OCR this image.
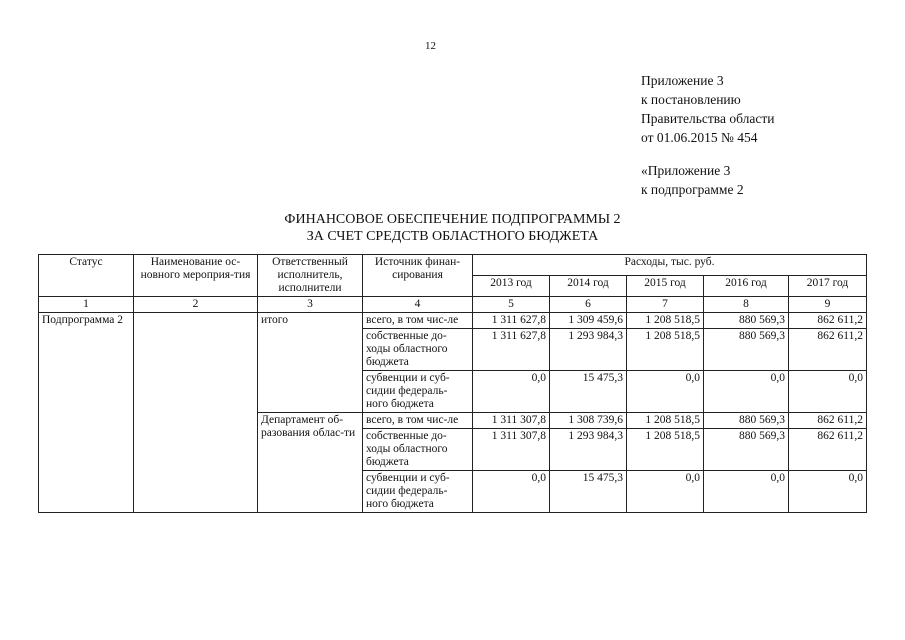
12
Приложение 3
к постановлению
Правительства области
от 01.06.2015 № 454
«Приложение 3
к подпрограмме 2
ФИНАНСОВОЕ ОБЕСПЕЧЕНИЕ ПОДПРОГРАММЫ 2
ЗА СЧЕТ СРЕДСТВ ОБЛАСТНОГО БЮДЖЕТА
Статус	Наименование ос-новного мероприя-тия	Ответственный исполнитель, исполнители	Источник финан-сирования	Расходы, тыс. руб.				
				2013 год	2014 год	2015 год	2016 год	2017 год
1	2	3	4	5	6	7	8	9
Подпрограмма 2		итого	всего, в том чис-ле	1 311 627,8	1 309 459,6	1 208 518,5	880 569,3	862 611,2
			собственные до-ходы областного бюджета	1 311 627,8	1 293 984,3	1 208 518,5	880 569,3	862 611,2
			субвенции и суб-сидии федераль-ного бюджета	0,0	15 475,3	0,0	0,0	0,0
		Департамент об-разования облас-ти	всего, в том чис-ле	1 311 307,8	1 308 739,6	1 208 518,5	880 569,3	862 611,2
			собственные до-ходы областного бюджета	1 311 307,8	1 293 984,3	1 208 518,5	880 569,3	862 611,2
			субвенции и суб-сидии федераль-ного бюджета	0,0	15 475,3	0,0	0,0	0,0
